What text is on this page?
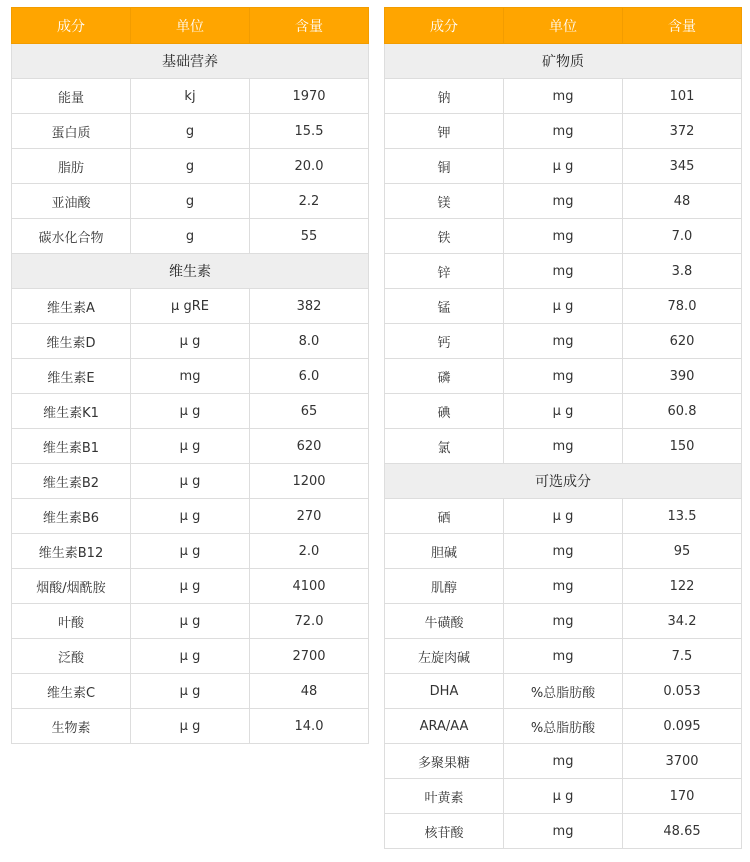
成分	单位	含量
基础营养		
能量	kj	1970
蛋白质	g	15.5
脂肪	g	20.0
亚油酸	g	2.2
碳水化合物	g	55
维生素		
维生素A	μ gRE	382
维生素D	μ g	8.0
维生素E	mg	6.0
维生素K1	μ g	65
维生素B1	μ g	620
维生素B2	μ g	1200
维生素B6	μ g	270
维生素B12	μ g	2.0
烟酸/烟酰胺	μ g	4100
叶酸	μ g	72.0
泛酸	μ g	2700
维生素C	μ g	48
生物素	μ g	14.0
成分	单位	含量
矿物质		
钠	mg	101
钾	mg	372
铜	μ g	345
镁	mg	48
铁	mg	7.0
锌	mg	3.8
锰	μ g	78.0
钙	mg	620
磷	mg	390
碘	μ g	60.8
氯	mg	150
可选成分		
硒	μ g	13.5
胆碱	mg	95
肌醇	mg	122
牛磺酸	mg	34.2
左旋肉碱	mg	7.5
DHA	%总脂肪酸	0.053
ARA/AA	%总脂肪酸	0.095
多聚果糖	mg	3700
叶黄素	μ g	170
核苷酸	mg	48.65
